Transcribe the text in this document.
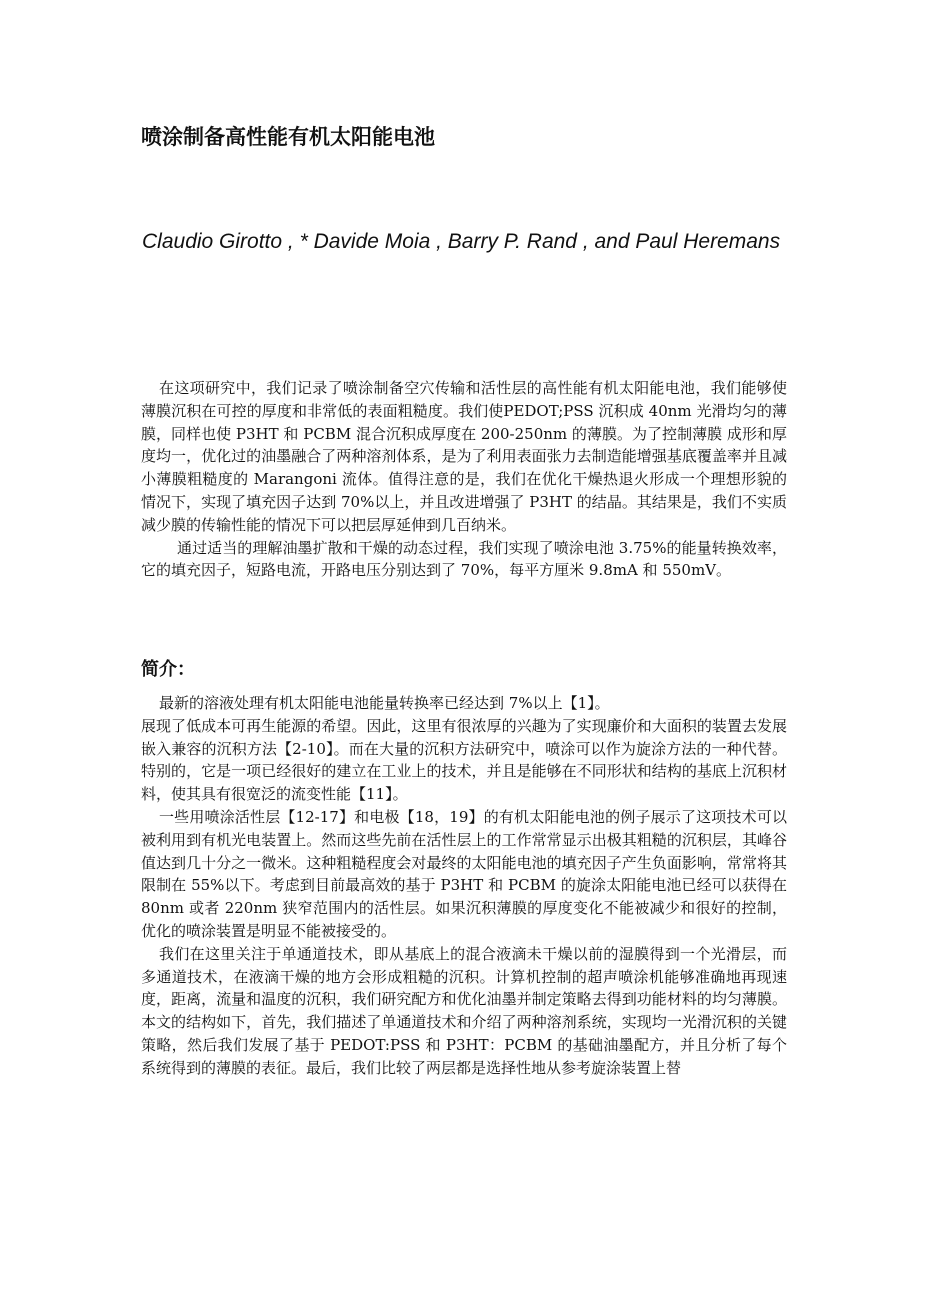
喷涂制备高性能有机太阳能电池

Claudio Girotto , * Davide Moia , Barry P. Rand , and Paul Heremans

在这项研究中，我们记录了喷涂制备空穴传输和活性层的高性能有机太阳能电池，我们能够使薄膜沉积在可控的厚度和非常低的表面粗糙度。我们使PEDOT;PSS 沉积成 40nm 光滑均匀的薄膜，同样也使 P3HT 和 PCBM 混合沉积成厚度在 200-250nm 的薄膜。为了控制薄膜 成形和厚度均一，优化过的油墨融合了两种溶剂体系，是为了利用表面张力去制造能增强基底覆盖率并且减小薄膜粗糙度的 Marangoni 流体。值得注意的是，我们在优化干燥热退火形成一个理想形貌的情况下，实现了填充因子达到 70%以上，并且改进增强了 P3HT 的结晶。其结果是，我们不实质减少膜的传输性能的情况下可以把层厚延伸到几百纳米。

通过适当的理解油墨扩散和干燥的动态过程，我们实现了喷涂电池 3.75%的能量转换效率，它的填充因子，短路电流，开路电压分别达到了 70%，每平方厘米 9.8mA 和 550mV。

简介：

最新的溶液处理有机太阳能电池能量转换率已经达到 7%以上【1】。

展现了低成本可再生能源的希望。因此，这里有很浓厚的兴趣为了实现廉价和大面积的装置去发展嵌入兼容的沉积方法【2-10】。而在大量的沉积方法研究中，喷涂可以作为旋涂方法的一种代替。特别的，它是一项已经很好的建立在工业上的技术，并且是能够在不同形状和结构的基底上沉积材料，使其具有很宽泛的流变性能【11】。

一些用喷涂活性层【12-17】和电极【18，19】的有机太阳能电池的例子展示了这项技术可以被利用到有机光电装置上。然而这些先前在活性层上的工作常常显示出极其粗糙的沉积层，其峰谷值达到几十分之一微米。这种粗糙程度会对最终的太阳能电池的填充因子产生负面影响，常常将其限制在 55%以下。考虑到目前最高效的基于 P3HT 和 PCBM 的旋涂太阳能电池已经可以获得在 80nm 或者 220nm 狭窄范围内的活性层。如果沉积薄膜的厚度变化不能被减少和很好的控制，优化的喷涂装置是明显不能被接受的。

我们在这里关注于单通道技术，即从基底上的混合液滴未干燥以前的湿膜得到一个光滑层，而多通道技术，在液滴干燥的地方会形成粗糙的沉积。计算机控制的超声喷涂机能够准确地再现速度，距离，流量和温度的沉积，我们研究配方和优化油墨并制定策略去得到功能材料的均匀薄膜。本文的结构如下，首先，我们描述了单通道技术和介绍了两种溶剂系统，实现均一光滑沉积的关键策略，然后我们发展了基于 PEDOT:PSS 和 P3HT：PCBM 的基础油墨配方，并且分析了每个系统得到的薄膜的表征。最后，我们比较了两层都是选择性地从参考旋涂装置上替
